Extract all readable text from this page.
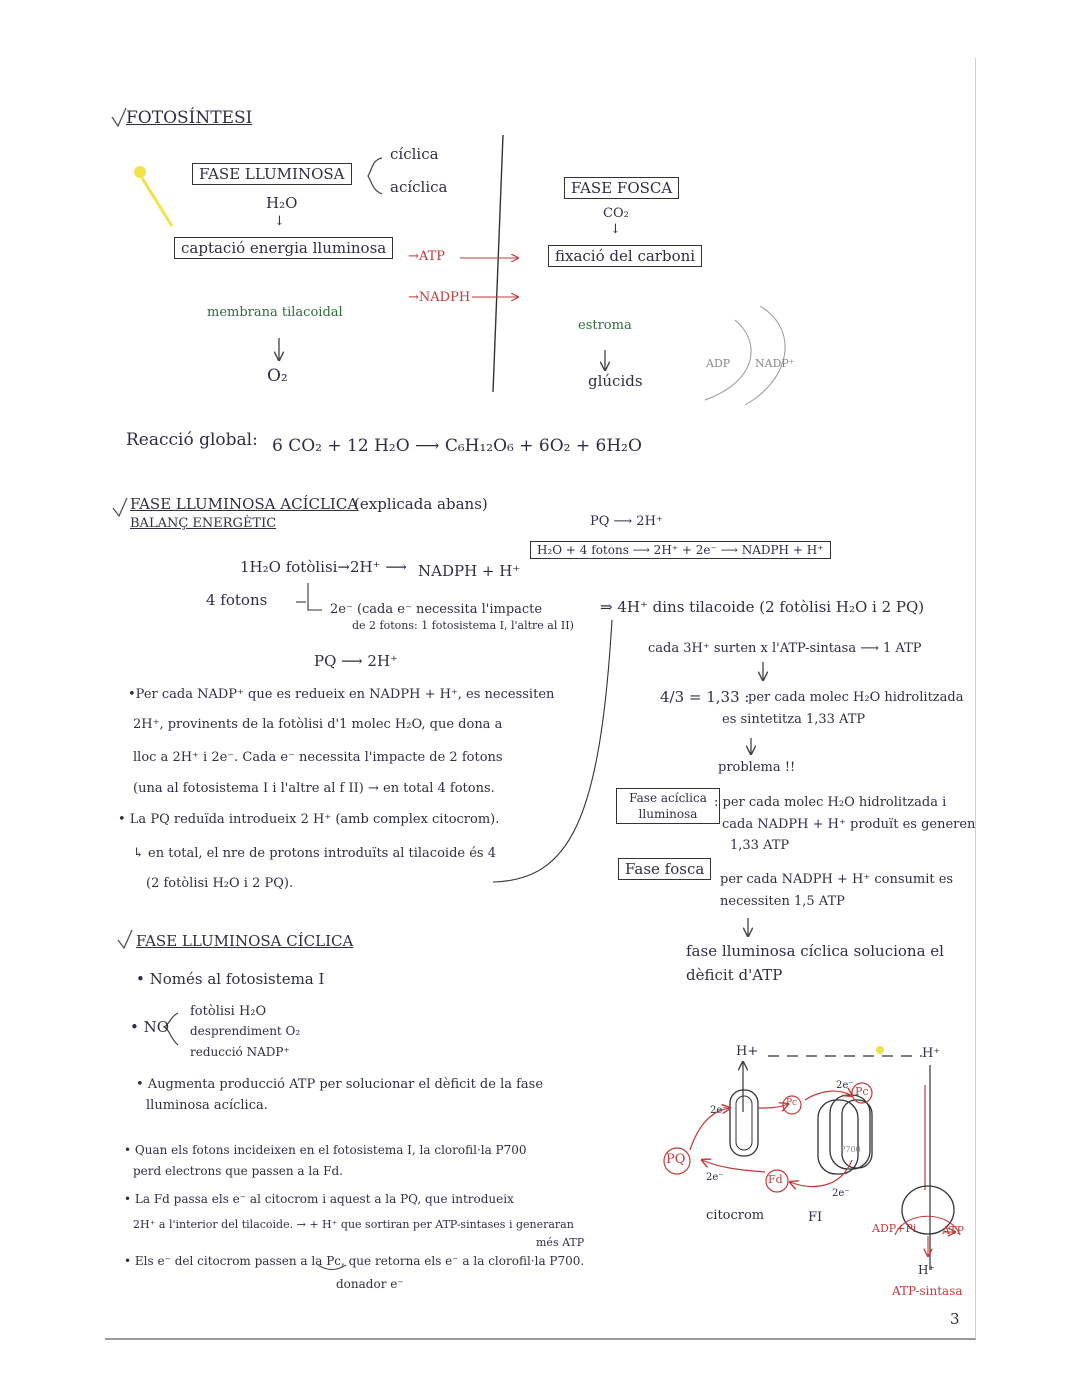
FOTOSÍNTESI
FASE LLUMINOSA
cíclica
acíclica
H₂O
↓
captació energia lluminosa	→ATP
→NADPH
membrana tilacoidal
O₂
FASE FOSCA
CO₂
↓
fixació del carboni
estroma
glúcids
ADP NADP⁺
Reacció global: 6 CO₂ + 12 H₂O ⟶ C₆H₁₂O₆ + 6O₂ + 6H₂O
FASE LLUMINOSA ACÍCLICA
(explicada abans)
BALANÇ ENERGÈTIC	PQ ⟶ 2H⁺
H₂O + 4 fotons ⟶ 2H⁺ + 2e⁻ ⟶ NADPH + H⁺
1H₂O fotòlisi→2H⁺ ⟶ NADPH + H⁺
4 fotons
2e⁻ (cada e⁻ necessita l'impacte
de 2 fotons: 1 fotosistema I, l'altre al II)
PQ ⟶ 2H⁺
•Per cada NADP⁺ que es redueix en NADPH + H⁺, es necessiten
2H⁺, provinents de la fotòlisi d'1 molec H₂O, que dona a
lloc a 2H⁺ i 2e⁻. Cada e⁻ necessita l'impacte de 2 fotons
(una al fotosistema I i l'altre al f II) → en total 4 fotons.
• La PQ reduïda introdueix 2 H⁺ (amb complex citocrom).
↳ en total, el nre de protons introduïts al tilacoide és 4
(2 fotòlisi H₂O i 2 PQ).
⇒ 4H⁺ dins tilacoide (2 fotòlisi H₂O i 2 PQ)
cada 3H⁺ surten x l'ATP-sintasa ⟶ 1 ATP
4/3 = 1,33 :
per cada molec H₂O hidrolitzada
es sintetitza 1,33 ATP
problema !!
Fase acíclica lluminosa
: per cada molec H₂O hidrolitzada i
cada NADPH + H⁺ produït es generen
1,33 ATP
Fase fosca
per cada NADPH + H⁺ consumit es
necessiten 1,5 ATP
fase lluminosa cíclica soluciona el
dèficit d'ATP
FASE LLUMINOSA CÍCLICA
• Només al fotosistema I
• NO
fotòlisi H₂O
desprendiment O₂
reducció NADP⁺
• Augmenta producció ATP per solucionar el dèficit de la fase
lluminosa acíclica.
• Quan els fotons incideixen en el fotosistema I, la clorofil·la P700
perd electrons que passen a la Fd.
• La Fd passa els e⁻ al citocrom i aquest a la PQ, que introdueix
2H⁺ a l'interior del tilacoide. → + H⁺ que sortiran per ATP-sintases i generaran
més ATP
• Els e⁻ del citocrom passen a la Pc, que retorna els e⁻ a la clorofil·la P700.
donador e⁻
H+	H⁺
PQ
Pc
Pc
Fd
P700
2e⁻
2e⁻
2e⁻
2e⁻
citocrom	FI
ADP+Pi ATP
H⁺
ATP-sintasa
3
